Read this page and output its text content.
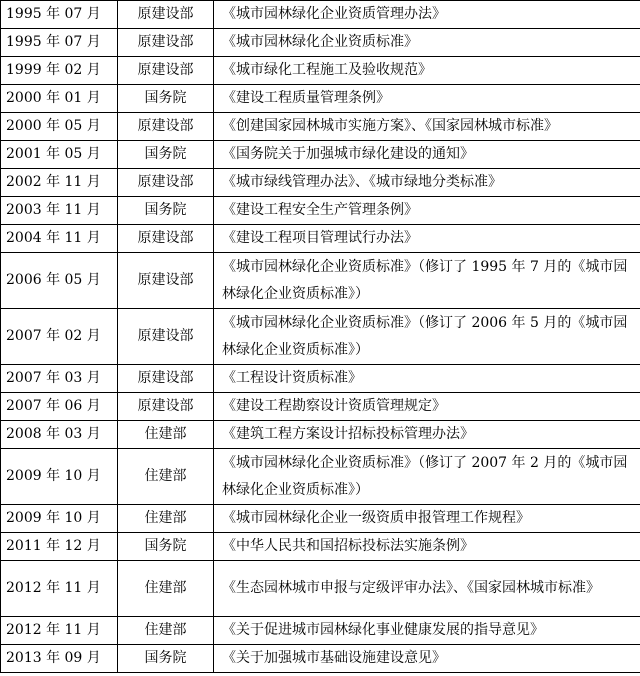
1995 年 07 月	原建设部	《城市园林绿化企业资质管理办法》
1995 年 07 月	原建设部	《城市园林绿化企业资质标准》
1999 年 02 月	原建设部	《城市绿化工程施工及验收规范》
2000 年 01 月	国务院	《建设工程质量管理条例》
2000 年 05 月	原建设部	《创建国家园林城市实施方案》、《国家园林城市标准》
2001 年 05 月	国务院	《国务院关于加强城市绿化建设的通知》
2002 年 11 月	原建设部	《城市绿线管理办法》、《城市绿地分类标准》
2003 年 11 月	国务院	《建设工程安全生产管理条例》
2004 年 11 月	原建设部	《建设工程项目管理试行办法》
2006 年 05 月	原建设部	《城市园林绿化企业资质标准》（修订了 1995 年 7 月的《城市园林绿化企业资质标准》）
2007 年 02 月	原建设部	《城市园林绿化企业资质标准》（修订了 2006 年 5 月的《城市园林绿化企业资质标准》）
2007 年 03 月	原建设部	《工程设计资质标准》
2007 年 06 月	原建设部	《建设工程勘察设计资质管理规定》
2008 年 03 月	住建部	《建筑工程方案设计招标投标管理办法》
2009 年 10 月	住建部	《城市园林绿化企业资质标准》（修订了 2007 年 2 月的《城市园林绿化企业资质标准》）
2009 年 10 月	住建部	《城市园林绿化企业一级资质申报管理工作规程》
2011 年 12 月	国务院	《中华人民共和国招标投标法实施条例》
2012 年 11 月	住建部	《生态园林城市申报与定级评审办法》、《国家园林城市标准》
2012 年 11 月	住建部	《关于促进城市园林绿化事业健康发展的指导意见》
2013 年 09 月	国务院	《关于加强城市基础设施建设意见》
